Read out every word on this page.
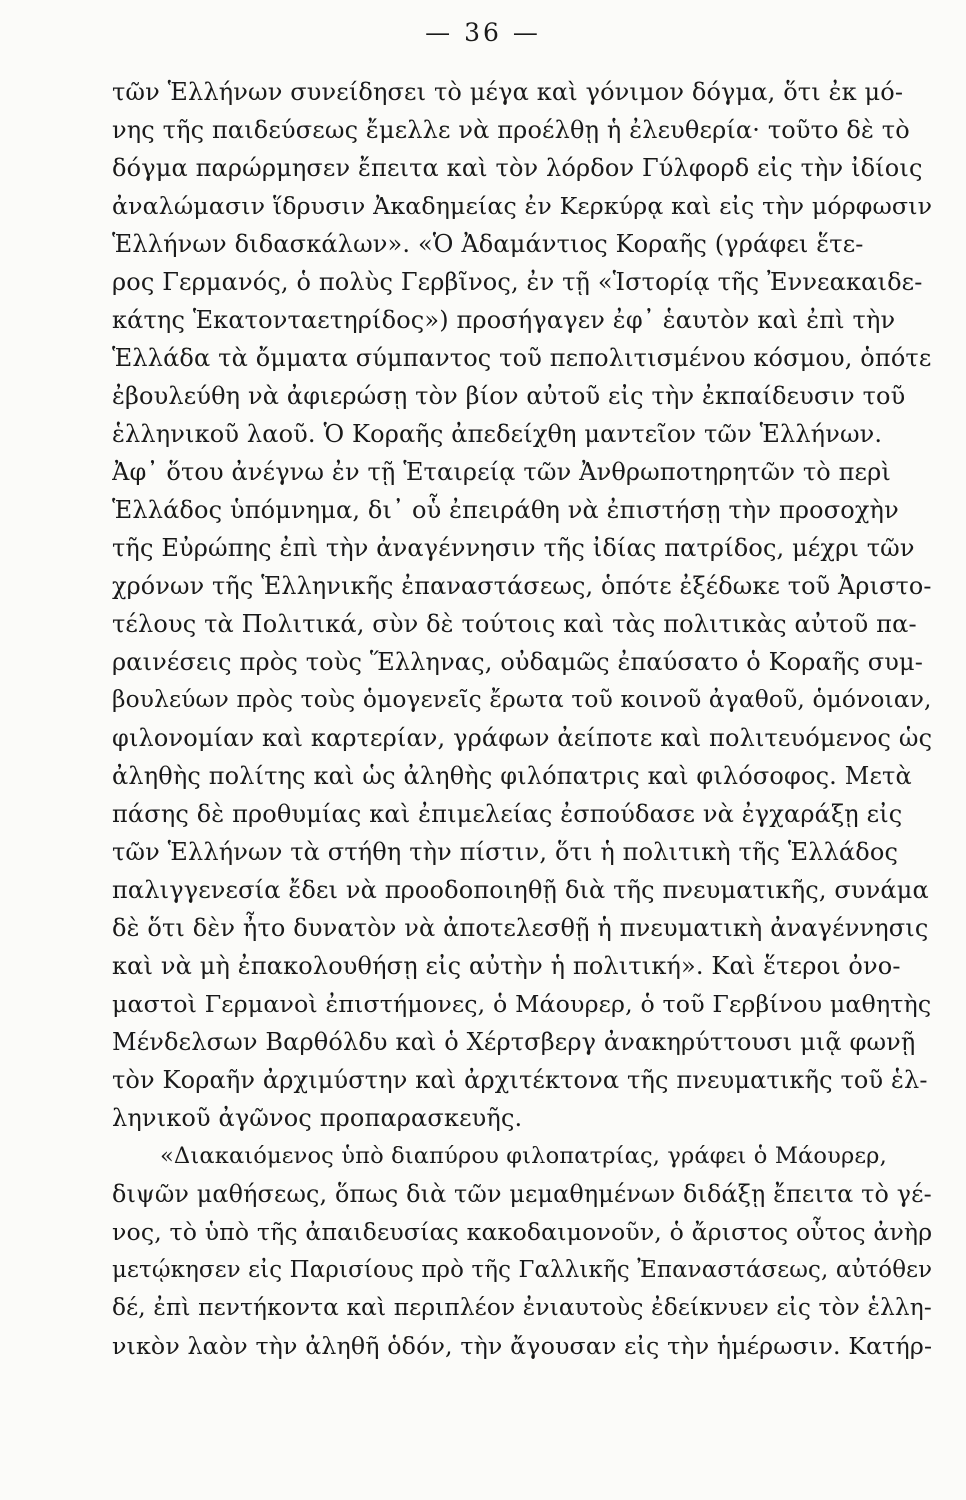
— 36 —
τῶν Ἑλλήνων συνείδησει τὸ μέγα καὶ γόνιμον δόγμα, ὅτι ἐκ μό-
νης τῆς παιδεύσεως ἔμελλε νὰ προέλθῃ ἡ ἐλευθερία· τοῦτο δὲ τὸ
δόγμα παρώρμησεν ἔπειτα καὶ τὸν λόρδον Γύλφορδ εἰς τὴν ἰδίοις
ἀναλώμασιν ἵδρυσιν Ἀκαδημείας ἐν Κερκύρᾳ καὶ εἰς τὴν μόρφωσιν
Ἑλλήνων διδασκάλων». «Ὁ Ἀδαμάντιος Κοραῆς (γράφει ἕτε-
ρος Γερμανός, ὁ πολὺς Γερβῖνος, ἐν τῇ «Ἱστορίᾳ τῆς Ἐννεακαιδε-
κάτης Ἑκατονταετηρίδος») προσήγαγεν ἐφ᾽ ἑαυτὸν καὶ ἐπὶ τὴν
Ἑλλάδα τὰ ὄμματα σύμπαντος τοῦ πεπολιτισμένου κόσμου, ὁπότε
ἐβουλεύθη νὰ ἀφιερώσῃ τὸν βίον αὐτοῦ εἰς τὴν ἐκπαίδευσιν τοῦ
ἑλληνικοῦ λαοῦ. Ὁ Κοραῆς ἀπεδείχθη μαντεῖον τῶν Ἑλλήνων.
Ἀφ᾽ ὅτου ἀνέγνω ἐν τῇ Ἑταιρείᾳ τῶν Ἀνθρωποτηρητῶν τὸ περὶ
Ἑλλάδος ὑπόμνημα, δι᾽ οὗ ἐπειράθη νὰ ἐπιστήσῃ τὴν προσοχὴν
τῆς Εὐρώπης ἐπὶ τὴν ἀναγέννησιν τῆς ἰδίας πατρίδος, μέχρι τῶν
χρόνων τῆς Ἑλληνικῆς ἐπαναστάσεως, ὁπότε ἐξέδωκε τοῦ Ἀριστο-
τέλους τὰ Πολιτικά, σὺν δὲ τούτοις καὶ τὰς πολιτικὰς αὐτοῦ πα-
ραινέσεις πρὸς τοὺς Ἕλληνας, οὐδαμῶς ἐπαύσατο ὁ Κοραῆς συμ-
βουλεύων πρὸς τοὺς ὁμογενεῖς ἔρωτα τοῦ κοινοῦ ἀγαθοῦ, ὁμόνοιαν,
φιλονομίαν καὶ καρτερίαν, γράφων ἀείποτε καὶ πολιτευόμενος ὡς
ἀληθὴς πολίτης καὶ ὡς ἀληθὴς φιλόπατρις καὶ φιλόσοφος. Μετὰ
πάσης δὲ προθυμίας καὶ ἐπιμελείας ἐσπούδασε νὰ ἐγχαράξῃ εἰς
τῶν Ἑλλήνων τὰ στήθη τὴν πίστιν, ὅτι ἡ πολιτικὴ τῆς Ἑλλάδος
παλιγγενεσία ἔδει νὰ προοδοποιηθῇ διὰ τῆς πνευματικῆς, συνάμα
δὲ ὅτι δὲν ἦτο δυνατὸν νὰ ἀποτελεσθῇ ἡ πνευματικὴ ἀναγέννησις
καὶ νὰ μὴ ἐπακολουθήσῃ εἰς αὐτὴν ἡ πολιτική». Καὶ ἕτεροι ὀνο-
μαστοὶ Γερμανοὶ ἐπιστήμονες, ὁ Μάουρερ, ὁ τοῦ Γερβίνου μαθητὴς
Μένδελσων Βαρθόλδυ καὶ ὁ Χέρτσβεργ ἀνακηρύττουσι μιᾷ φωνῇ
τὸν Κοραῆν ἀρχιμύστην καὶ ἀρχιτέκτονα τῆς πνευματικῆς τοῦ ἑλ-
ληνικοῦ ἀγῶνος προπαρασκευῆς.
«Διακαιόμενος ὑπὸ διαπύρου φιλοπατρίας, γράφει ὁ Μάουρερ,
διψῶν μαθήσεως, ὅπως διὰ τῶν μεμαθημένων διδάξῃ ἔπειτα τὸ γέ-
νος, τὸ ὑπὸ τῆς ἀπαιδευσίας κακοδαιμονοῦν, ὁ ἄριστος οὗτος ἀνὴρ
μετῴκησεν εἰς Παρισίους πρὸ τῆς Γαλλικῆς Ἐπαναστάσεως, αὐτόθεν
δέ, ἐπὶ πεντήκοντα καὶ περιπλέον ἐνιαυτοὺς ἐδείκνυεν εἰς τὸν ἑλλη-
νικὸν λαὸν τὴν ἀληθῆ ὁδόν, τὴν ἄγουσαν εἰς τὴν ἡμέρωσιν. Κατήρ-
